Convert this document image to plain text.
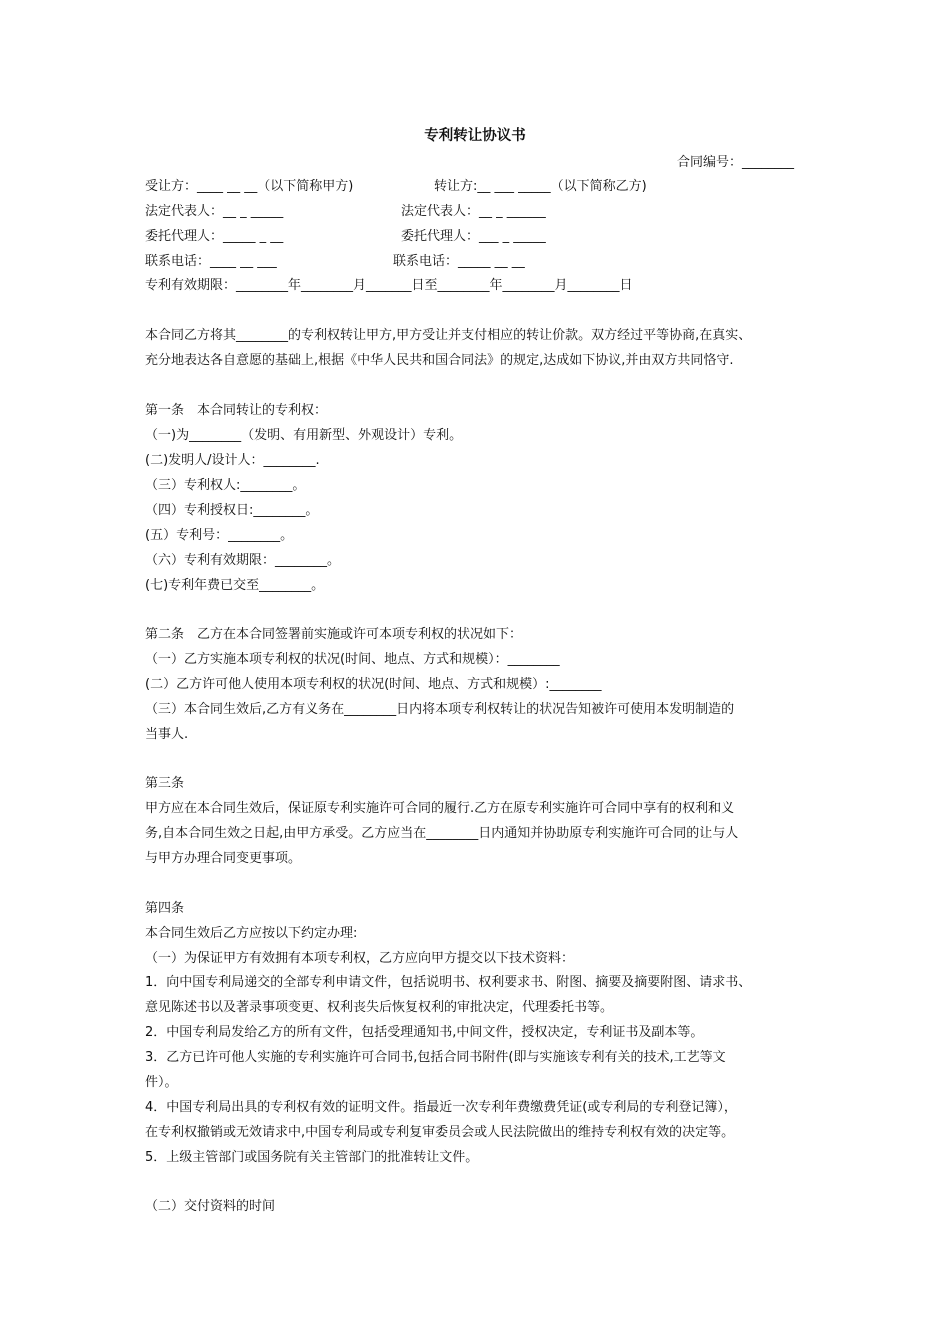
专利转让协议书
合同编号：________
受让方：____ __ __（以下简称甲方)	转让方:__ ___ _____（以下简称乙方)
法定代表人：__ _ _____	法定代表人：__ _ ______
委托代理人：_____ _ __	委托代理人：___ _ _____
联系电话：____ __ ___	联系电话：_____ __ __
专利有效期限：________年________月_______日至________年________月________日
本合同乙方将其________的专利权转让甲方,甲方受让并支付相应的转让价款。双方经过平等协商,在真实、
充分地表达各自意愿的基础上,根据《中华人民共和国合同法》的规定,达成如下协议,并由双方共同恪守.
第一条　本合同转让的专利权：
（一)为________（发明、有用新型、外观设计）专利。
(二)发明人/设计人：________.
（三）专利权人:________。
（四）专利授权日:________。
(五）专利号：________。
（六）专利有效期限：________。
(七)专利年费已交至________。
第二条　乙方在本合同签署前实施或许可本项专利权的状况如下：
（一）乙方实施本项专利权的状况(时间、地点、方式和规模）：________
(二）乙方许可他人使用本项专利权的状况(时间、地点、方式和规模）:________
（三）本合同生效后,乙方有义务在________日内将本项专利权转让的状况告知被许可使用本发明制造的
当事人.
第三条
甲方应在本合同生效后，保证原专利实施许可合同的履行.乙方在原专利实施许可合同中享有的权利和义
务,自本合同生效之日起,由甲方承受。乙方应当在________日内通知并协助原专利实施许可合同的让与人
与甲方办理合同变更事项。
第四条
本合同生效后乙方应按以下约定办理:
（一）为保证甲方有效拥有本项专利权，乙方应向甲方提交以下技术资料：
1．向中国专利局递交的全部专利申请文件，包括说明书、权利要求书、附图、摘要及摘要附图、请求书、
意见陈述书以及著录事项变更、权利丧失后恢复权利的审批决定，代理委托书等。
2．中国专利局发给乙方的所有文件，包括受理通知书,中间文件，授权决定，专利证书及副本等。
3．乙方已许可他人实施的专利实施许可合同书,包括合同书附件(即与实施该专利有关的技术,工艺等文
件）。
4．中国专利局出具的专利权有效的证明文件。指最近一次专利年费缴费凭证(或专利局的专利登记簿），
在专利权撤销或无效请求中,中国专利局或专利复审委员会或人民法院做出的维持专利权有效的决定等。
5．上级主管部门或国务院有关主管部门的批准转让文件。
（二）交付资料的时间
